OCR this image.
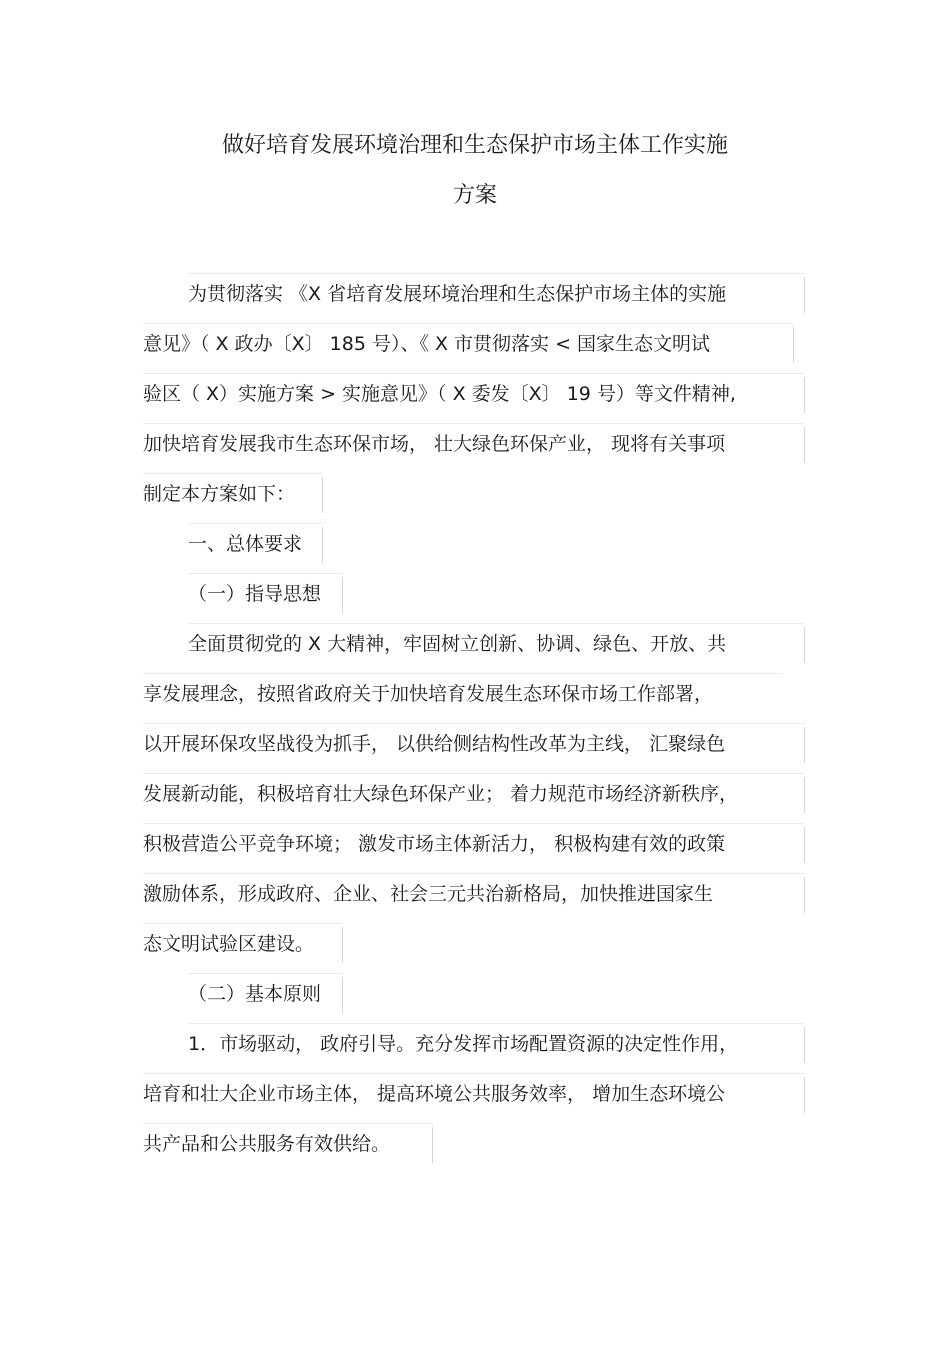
做好培育发展环境治理和生态保护市场主体工作实施
方案
为贯彻落实 《X 省培育发展环境治理和生态保护市场主体的实施
意见》（ X 政办〔X〕 185 号）、《 X 市贯彻落实 < 国家生态文明试
验区（ X）实施方案 > 实施意见》（ X 委发〔X〕 19 号）等文件精神,
加快培育发展我市生态环保市场， 壮大绿色环保产业， 现将有关事项
制定本方案如下：
一、总体要求
（一）指导思想
全面贯彻党的 X 大精神，牢固树立创新、协调、绿色、开放、共
享发展理念，按照省政府关于加快培育发展生态环保市场工作部署，
以开展环保攻坚战役为抓手， 以供给侧结构性改革为主线， 汇聚绿色
发展新动能，积极培育壮大绿色环保产业； 着力规范市场经济新秩序，
积极营造公平竞争环境； 激发市场主体新活力， 积极构建有效的政策
激励体系，形成政府、企业、社会三元共治新格局，加快推进国家生
态文明试验区建设。
（二）基本原则
1．市场驱动， 政府引导。充分发挥市场配置资源的决定性作用，
培育和壮大企业市场主体， 提高环境公共服务效率， 增加生态环境公
共产品和公共服务有效供给。
